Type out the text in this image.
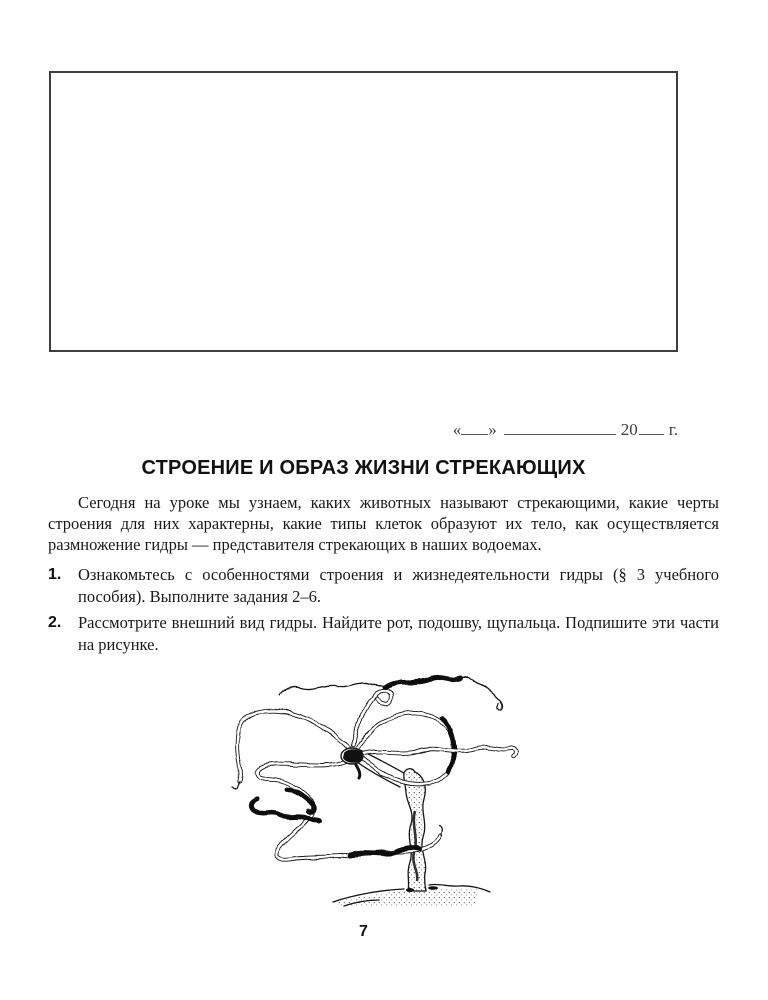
« »	20 г.
СТРОЕНИЕ И ОБРАЗ ЖИЗНИ СТРЕКАЮЩИХ

Сегодня на уроке мы узнаем, каких животных называют стрекающими, какие черты строения для них характерны, какие типы клеток образуют их тело, как осуществляется размножение гидры — представителя стрекающих в наших водоемах.

1.	Ознакомьтесь с особенностями строения и жизнедеятельности гидры (§ 3 учебного пособия). Выполните задания 2–6.
2.	Рассмотрите внешний вид гидры. Найдите рот, подошву, щупальца. Подпишите эти части на рисунке.
7
